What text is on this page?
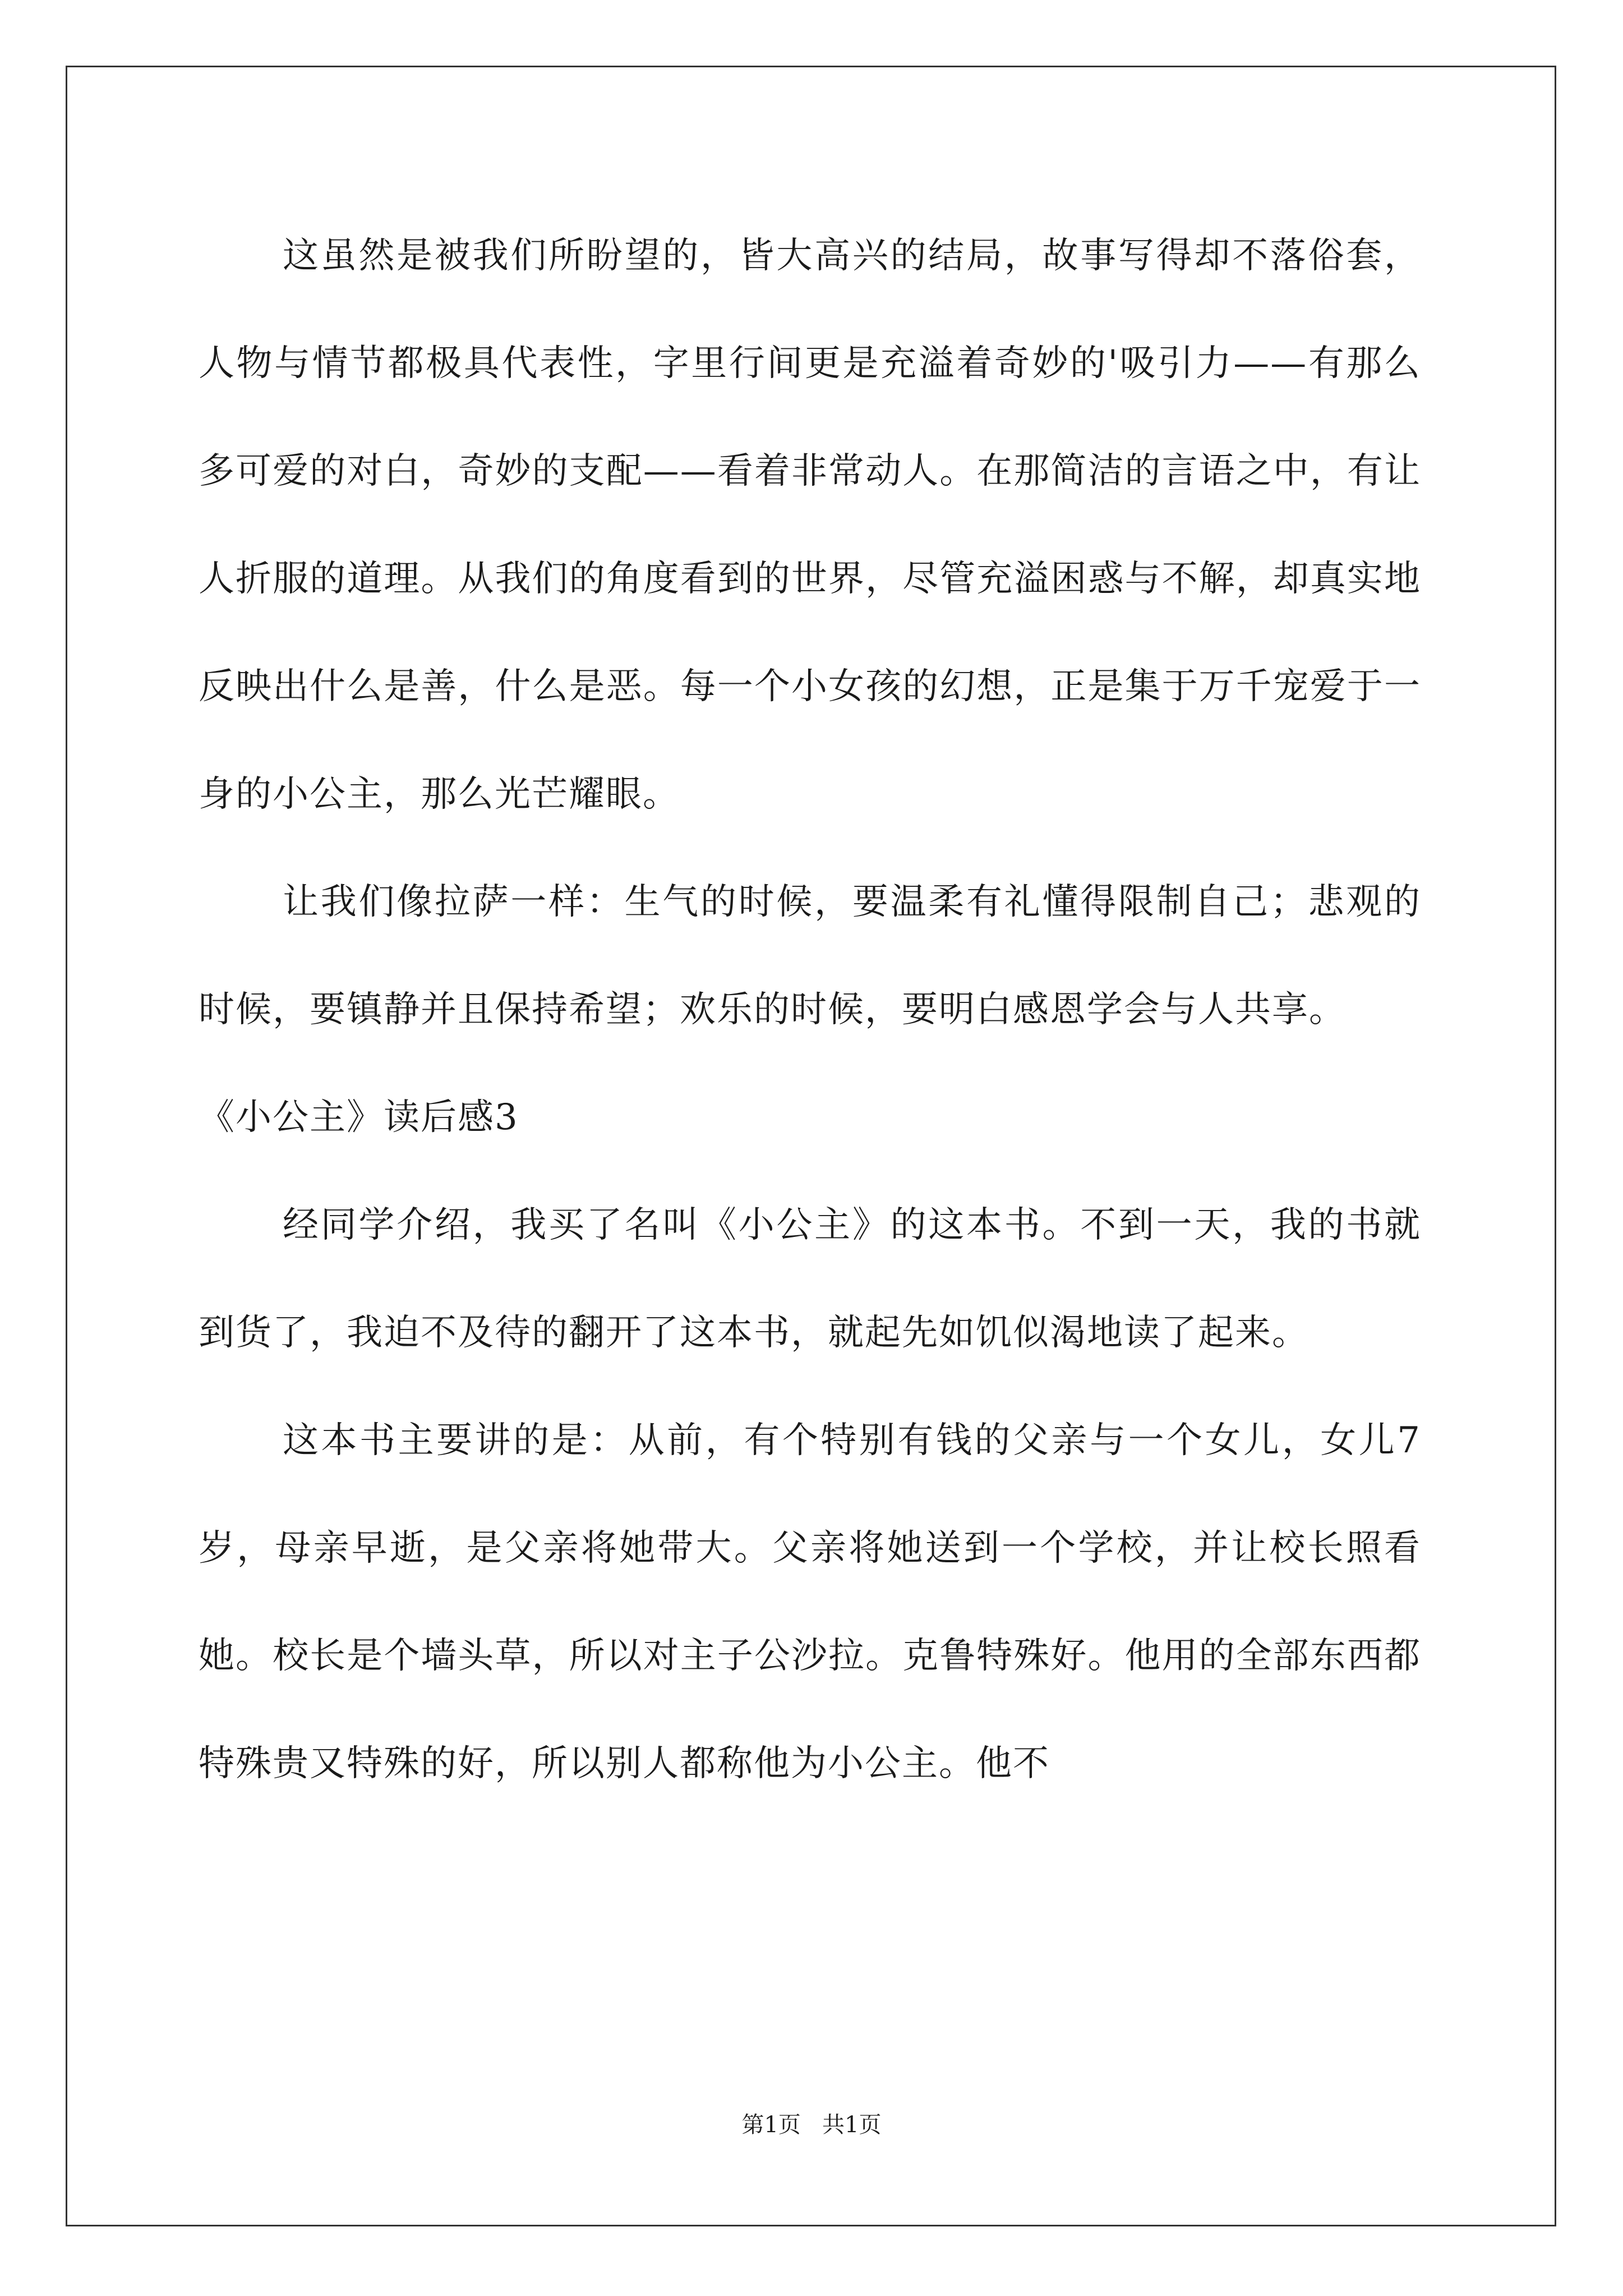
这虽然是被我们所盼望的，皆大高兴的结局，故事写得却不落俗套，人物与情节都极具代表性，字里行间更是充溢着奇妙的'吸引力——有那么多可爱的对白，奇妙的支配——看着非常动人。在那简洁的言语之中，有让人折服的道理。从我们的角度看到的世界，尽管充溢困惑与不解，却真实地反映出什么是善，什么是恶。每一个小女孩的幻想，正是集于万千宠爱于一身的小公主，那么光芒耀眼。

让我们像拉萨一样：生气的时候，要温柔有礼懂得限制自己；悲观的时候，要镇静并且保持希望；欢乐的时候，要明白感恩学会与人共享。

《小公主》读后感3

经同学介绍，我买了名叫《小公主》的这本书。不到一天，我的书就到货了，我迫不及待的翻开了这本书，就起先如饥似渴地读了起来。

这本书主要讲的是：从前，有个特别有钱的父亲与一个女儿，女儿7岁，母亲早逝，是父亲将她带大。父亲将她送到一个学校，并让校长照看她。校长是个墙头草，所以对主子公沙拉。克鲁特殊好。他用的全部东西都特殊贵又特殊的好，所以别人都称他为小公主。他不

第1页   共1页
